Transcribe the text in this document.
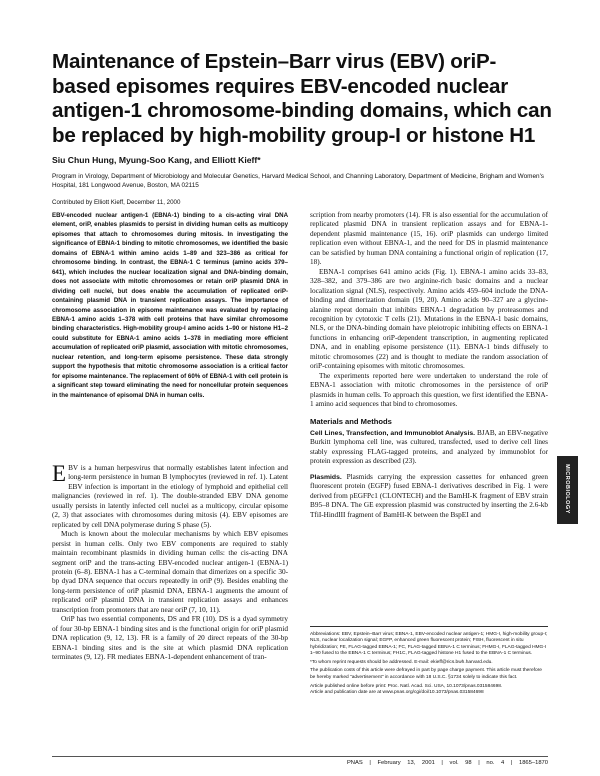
Maintenance of Epstein–Barr virus (EBV) oriP-based episomes requires EBV-encoded nuclear antigen-1 chromosome-binding domains, which can be replaced by high-mobility group-I or histone H1
Siu Chun Hung, Myung-Soo Kang, and Elliott Kieff*
Program in Virology, Department of Microbiology and Molecular Genetics, Harvard Medical School, and Channing Laboratory, Department of Medicine, Brigham and Women's Hospital, 181 Longwood Avenue, Boston, MA 02115
Contributed by Elliott Kieff, December 11, 2000

EBV-encoded nuclear antigen-1 (EBNA-1) binding to a cis-acting viral DNA element, oriP, enables plasmids to persist in dividing human cells as multicopy episomes that attach to chromosomes during mitosis. In investigating the significance of EBNA-1 binding to mitotic chromosomes, we identified the basic domains of EBNA-1 within amino acids 1–89 and 323–386 as critical for chromosome binding. In contrast, the EBNA-1 C terminus (amino acids 379–641), which includes the nuclear localization signal and DNA-binding domain, does not associate with mitotic chromosomes or retain oriP plasmid DNA in dividing cell nuclei, but does enable the accumulation of replicated oriP-containing plasmid DNA in transient replication assays. The importance of chromosome association in episome maintenance was evaluated by replacing EBNA-1 amino acids 1–378 with cell proteins that have similar chromosome binding characteristics. High-mobility group-I amino acids 1–90 or histone H1–2 could substitute for EBNA-1 amino acids 1–378 in mediating more efficient accumulation of replicated oriP plasmid, association with mitotic chromosomes, nuclear retention, and long-term episome persistence. These data strongly support the hypothesis that mitotic chromosome association is a critical factor for episome maintenance. The replacement of 60% of EBNA-1 with cell protein is a significant step toward eliminating the need for noncellular protein sequences in the maintenance of episomal DNA in human cells.

EBV is a human herpesvirus that normally establishes latent infection and long-term persistence in human B lymphocytes (reviewed in ref. 1). Latent EBV infection is important in the etiology of lymphoid and epithelial cell malignancies (reviewed in ref. 1). The double-stranded EBV DNA genome usually persists in latently infected cell nuclei as a multicopy, circular episome (2, 3) that associates with chromosomes during mitosis (4). EBV episomes are replicated by cell DNA polymerase during S phase (5).

Much is known about the molecular mechanisms by which EBV episomes persist in human cells. Only two EBV components are required to stably maintain recombinant plasmids in dividing human cells: the cis-acting DNA segment oriP and the trans-acting EBV-encoded nuclear antigen-1 (EBNA-1) protein (6–8). EBNA-1 has a C-terminal domain that dimerizes on a specific 30-bp dyad DNA sequence that occurs repeatedly in oriP (9). Besides enabling the long-term persistence of oriP plasmid DNA, EBNA-1 augments the amount of replicated oriP plasmid DNA in transient replication assays and enhances transcription from promoters that are near oriP (7, 10, 11).

OriP has two essential components, DS and FR (10). DS is a dyad symmetry of four 30-bp EBNA-1 binding sites and is the functional origin for oriP plasmid DNA replication (9, 12, 13). FR is a family of 20 direct repeats of the 30-bp EBNA-1 binding sites and is the site at which plasmid DNA replication terminates (9, 12). FR mediates EBNA-1-dependent enhancement of tran-

scription from nearby promoters (14). FR is also essential for the accumulation of replicated plasmid DNA in transient replication assays and for EBNA-1-dependent plasmid maintenance (15, 16). oriP plasmids can undergo limited replication even without EBNA-1, and the need for DS in plasmid maintenance can be satisfied by human DNA containing a functional origin of replication (17, 18).

EBNA-1 comprises 641 amino acids (Fig. 1). EBNA-1 amino acids 33–83, 328–382, and 379–386 are two arginine-rich basic domains and a nuclear localization signal (NLS), respectively. Amino acids 459–604 include the DNA-binding and dimerization domain (19, 20). Amino acids 90–327 are a glycine-alanine repeat domain that inhibits EBNA-1 degradation by proteasomes and recognition by cytotoxic T cells (21). Mutations in the EBNA-1 basic domains, NLS, or the DNA-binding domain have pleiotropic inhibiting effects on EBNA-1 functions in enhancing oriP-dependent transcription, in augmenting replicated DNA, and in enabling episome persistence (11). EBNA-1 binds diffusely to mitotic chromosomes (22) and is thought to mediate the random association of oriP-containing episomes with mitotic chromosomes.

The experiments reported here were undertaken to understand the role of EBNA-1 association with mitotic chromosomes in the persistence of oriP plasmids in human cells. To approach this question, we first identified the EBNA-1 amino acid sequences that bind to chromosomes.

Materials and Methods

Cell Lines, Transfection, and Immunoblot Analysis. BJAB, an EBV-negative Burkitt lymphoma cell line, was cultured, transfected, used to derive cell lines stably expressing FLAG-tagged proteins, and analyzed by immunoblot for protein expression as described (23).

Plasmids. Plasmids carrying the expression cassettes for enhanced green fluorescent protein (EGFP) fused EBNA-1 derivatives described in Fig. 1 were derived from pEGFPc1 (CLONTECH) and the BamHI-K fragment of EBV strain B95–8 DNA. The GE expression plasmid was constructed by inserting the 2.6-kb TfiI-HindIII fragment of BamHI-K between the BspEI and

Abbreviations: EBV, Epstein–Barr virus; EBNA-1, EBV-encoded nuclear antigen-1; HMG-I, high-mobility group-I; NLS, nuclear localization signal; EGFP, enhanced green fluorescent protein; FISH, fluorescent in situ hybridization; FE, FLAG-tagged EBNA-1; FC, FLAG-tagged EBNA-1 C terminus; FHMG-I, FLAG-tagged HMG-I 1–90 fused to the EBNA-1 C terminus; FH1C, FLAG-tagged histone H1 fused to the EBNA-1 C terminus.

*To whom reprint requests should be addressed. E-mail: ekieff@rics.bwh.harvard.edu.

The publication costs of this article were defrayed in part by page charge payment. This article must therefore be hereby marked "advertisement" in accordance with 18 U.S.C. §1734 solely to indicate this fact.

Article published online before print: Proc. Natl. Acad. Sci. USA, 10.1073/pnas.031584698.

Article and publication date are at www.pnas.org/cgi/doi/10.1073/pnas.031584698

MICROBIOLOGY
PNAS | February 13, 2001 | vol. 98 | no. 4 | 1865–1870
